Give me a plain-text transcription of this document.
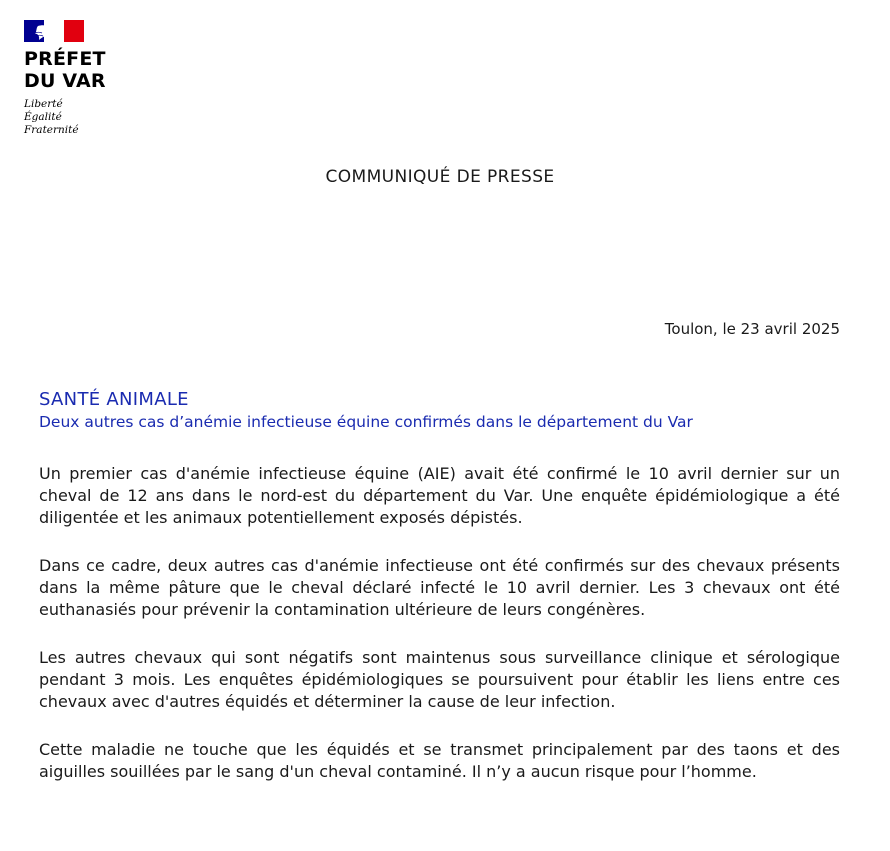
PRÉFET
DU VAR
Liberté
Égalité
Fraternité
COMMUNIQUÉ DE PRESSE
Toulon, le 23 avril 2025
SANTÉ ANIMALE
Deux autres cas d’anémie infectieuse équine confirmés dans le département du Var

Un premier cas d'anémie infectieuse équine (AIE) avait été confirmé le 10 avril dernier sur un cheval de 12 ans dans le nord-est du département du Var. Une enquête épidémiologique a été diligentée et les animaux potentiellement exposés dépistés.

Dans ce cadre, deux autres cas d'anémie infectieuse ont été confirmés sur des chevaux présents dans la même pâture que le cheval déclaré infecté le 10 avril dernier. Les 3 chevaux ont été euthanasiés pour prévenir la contamination ultérieure de leurs congénères.

Les autres chevaux qui sont négatifs sont maintenus sous surveillance clinique et sérologique pendant 3 mois. Les enquêtes épidémiologiques se poursuivent pour établir les liens entre ces chevaux avec d'autres équidés et déterminer la cause de leur infection.

Cette maladie ne touche que les équidés et se transmet principalement par des taons et des aiguilles souillées par le sang d'un cheval contaminé. Il n’y a aucun risque pour l’homme.
